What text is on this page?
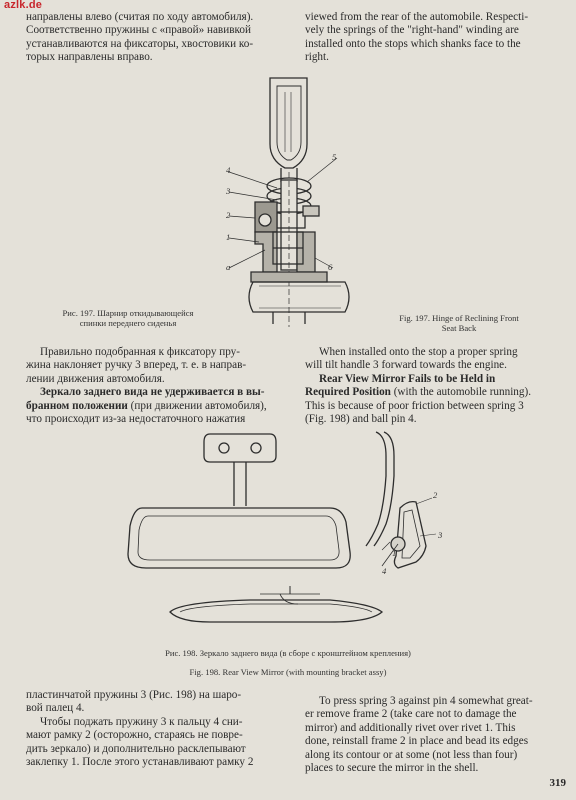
azlk.de

направлены влево (считая по ходу автомобиля).

Соответственно пружины с «правой» навивкой

устанавливаются на фиксаторы, хвостовики ко-

торых направлены вправо.

viewed from the rear of the automobile. Respecti-

vely the springs of the "right-hand" winding are

installed onto the stops which shanks face to the

right.

4
3
2
1
a
5
6
Рис. 197. Шарнир откидывающейся
спинки переднего сиденья	Fig. 197. Hinge of Reclining Front
Seat Back

Правильно подобранная к фиксатору пру-

жина наклоняет ручку 3 вперед, т. е. в направ-

лении движения автомобиля.

Зеркало заднего вида не удерживается в вы-

бранном положении (при движении автомобиля),

что происходит из-за недостаточного нажатия

When installed onto the stop a proper spring

will tilt handle 3 forward towards the engine.

Rear View Mirror Fails to be Held in

Required Position (with the automobile running).

This is because of poor friction between spring 3

(Fig. 198) and ball pin 4.

2
3
1
4
Рис. 198. Зеркало заднего вида (в сборе с кронштейном крепления)
Fig. 198. Rear View Mirror (with mounting bracket assy)

пластинчатой пружины 3 (Рис. 198) на шаро-

вой палец 4.

Чтобы поджать пружину 3 к пальцу 4 сни-

мают рамку 2 (осторожно, стараясь не повре-

дить зеркало) и дополнительно расклепывают

заклепку 1. После этого устанавливают рамку 2

To press spring 3 against pin 4 somewhat great-

er remove frame 2 (take care not to damage the

mirror) and additionally rivet over rivet 1. This

done, reinstall frame 2 in place and bead its edges

along its contour or at some (not less than four)

places to secure the mirror in the shell.

319
